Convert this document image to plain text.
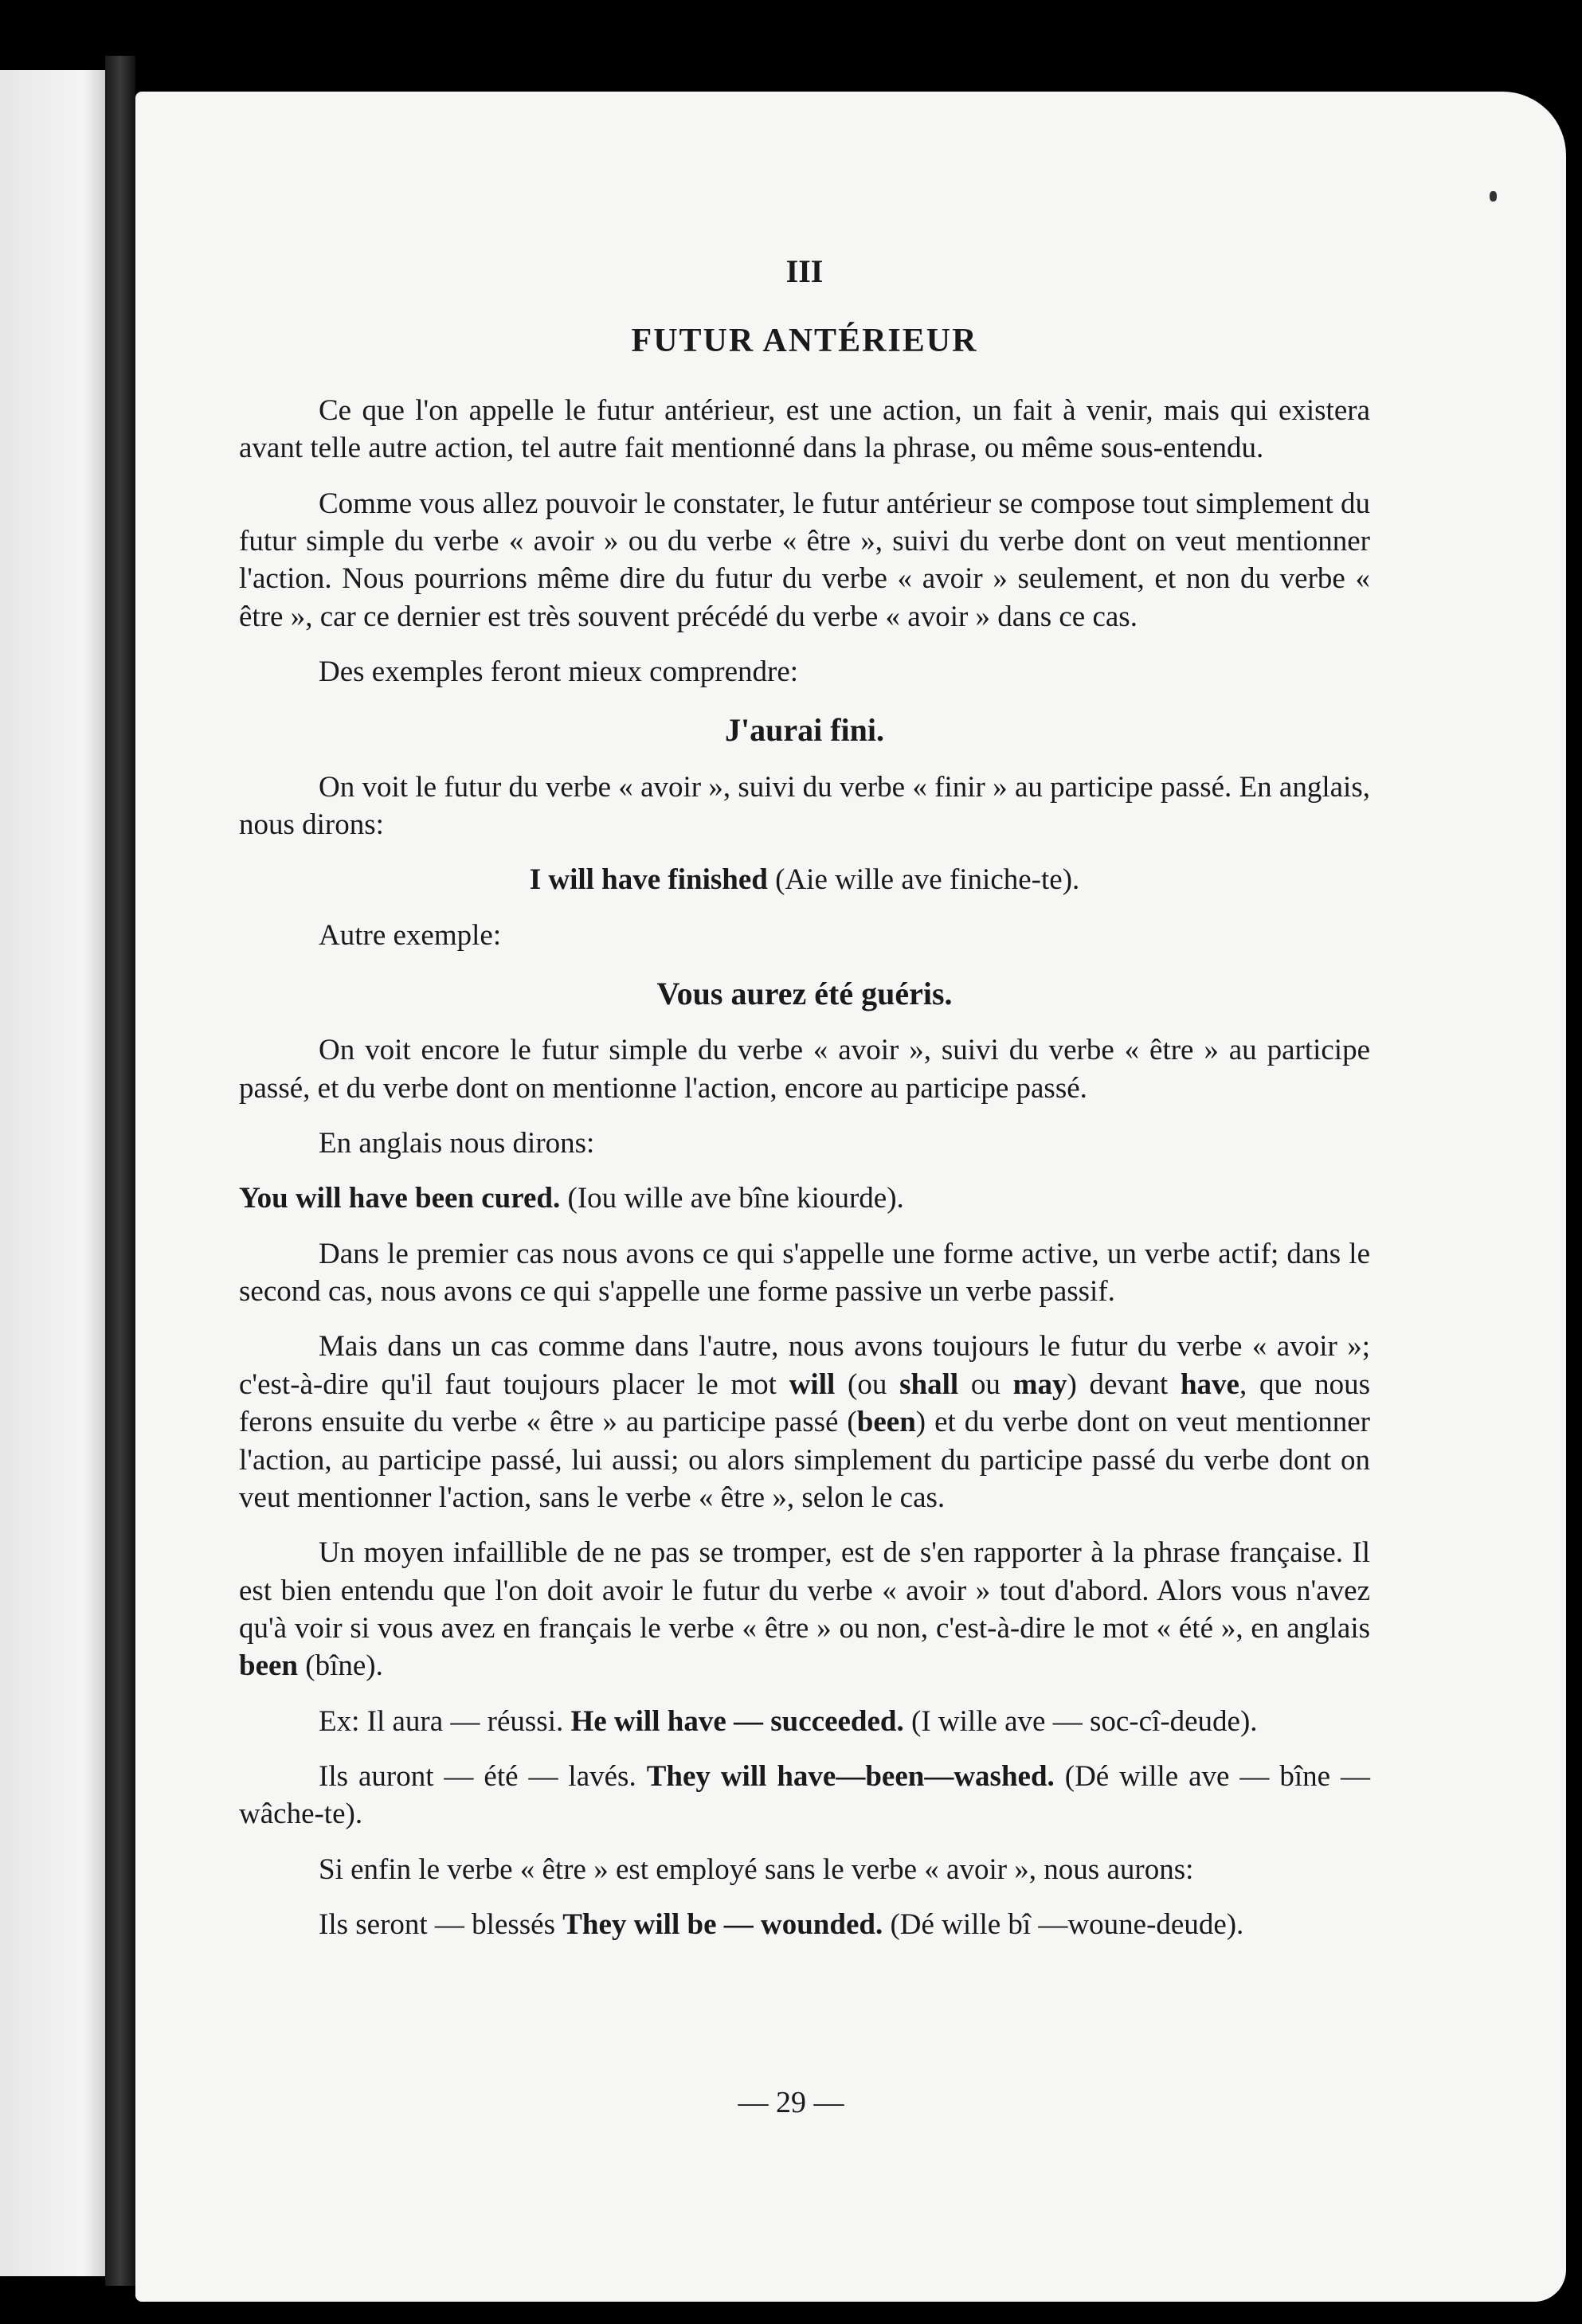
III
FUTUR ANTÉRIEUR

Ce que l'on appelle le futur antérieur, est une action, un fait à venir, mais qui existera avant telle autre action, tel autre fait mentionné dans la phrase, ou même sous-entendu.

Comme vous allez pouvoir le constater, le futur antérieur se compose tout simplement du futur simple du verbe « avoir » ou du verbe « être », suivi du verbe dont on veut mentionner l'action. Nous pourrions même dire du futur du verbe « avoir » seulement, et non du verbe « être », car ce dernier est très souvent précédé du verbe « avoir » dans ce cas.

Des exemples feront mieux comprendre:

J'aurai fini.

On voit le futur du verbe « avoir », suivi du verbe « finir » au participe passé. En anglais, nous dirons:

I will have finished (Aie wille ave finiche-te).

Autre exemple:

Vous aurez été guéris.

On voit encore le futur simple du verbe « avoir », suivi du verbe « être » au participe passé, et du verbe dont on mentionne l'action, encore au participe passé.

En anglais nous dirons:

You will have been cured. (Iou wille ave bîne kiourde).

Dans le premier cas nous avons ce qui s'appelle une forme active, un verbe actif; dans le second cas, nous avons ce qui s'appelle une forme passive un verbe passif.

Mais dans un cas comme dans l'autre, nous avons toujours le futur du verbe « avoir »; c'est-à-dire qu'il faut toujours placer le mot will (ou shall ou may) devant have, que nous ferons ensuite du verbe « être » au participe passé (been) et du verbe dont on veut mentionner l'action, au participe passé, lui aussi; ou alors simplement du participe passé du verbe dont on veut mentionner l'action, sans le verbe « être », selon le cas.

Un moyen infaillible de ne pas se tromper, est de s'en rapporter à la phrase française. Il est bien entendu que l'on doit avoir le futur du verbe « avoir » tout d'abord. Alors vous n'avez qu'à voir si vous avez en français le verbe « être » ou non, c'est-à-dire le mot « été », en anglais been (bîne).

Ex: Il aura — réussi. He will have — succeeded. (I wille ave — soc-cî-deude).

Ils auront — été — lavés. They will have—been—washed. (Dé wille ave — bîne — wâche-te).

Si enfin le verbe « être » est employé sans le verbe « avoir », nous aurons:

Ils seront — blessés They will be — wounded. (Dé wille bî —woune-deude).

— 29 —
